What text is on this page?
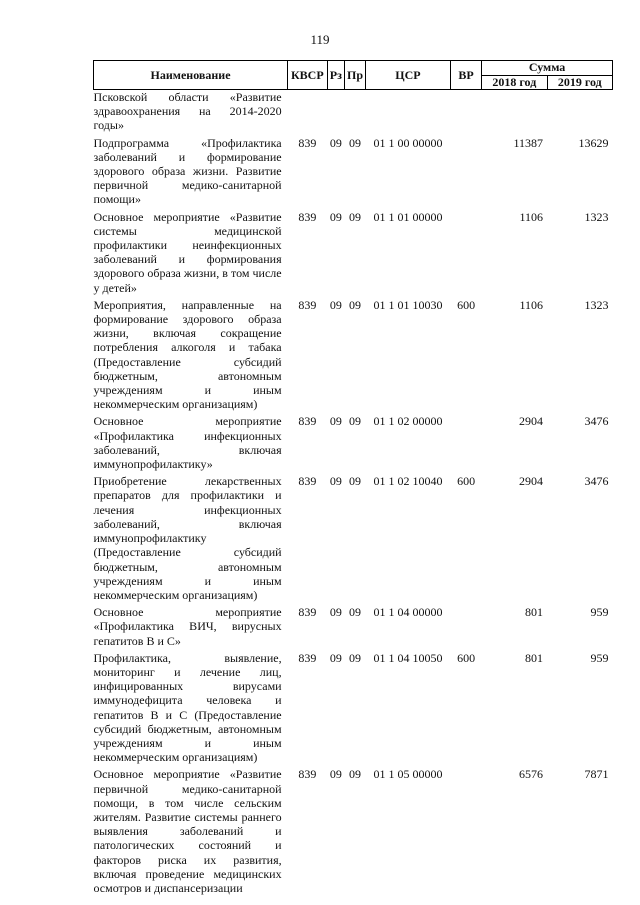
119
Наименование	КВСР	Рз	Пр	ЦСР	ВР	Сумма	
						2018 год	2019 год
Псковской области «Развитие здравоохранения на 2014-2020 годы»							
Подпрограмма «Профилактика заболеваний и формирование здорового образа жизни. Развитие первичной медико-санитарной помощи»	839	09	09	01 1 00 00000		11387	13629
Основное мероприятие «Развитие системы медицинской профилактики неинфекционных заболеваний и формирования здорового образа жизни, в том числе у детей»	839	09	09	01 1 01 00000		1106	1323
Мероприятия, направленные на формирование здорового образа жизни, включая сокращение потребления алкоголя и табака (Предоставление субсидий бюджетным, автономным учреждениям и иным некоммерческим организациям)	839	09	09	01 1 01 10030	600	1106	1323
Основное мероприятие «Профилактика инфекционных заболеваний, включая иммунопрофилактику»	839	09	09	01 1 02 00000		2904	3476
Приобретение лекарственных препаратов для профилактики и лечения инфекционных заболеваний, включая иммунопрофилактику (Предоставление субсидий бюджетным, автономным учреждениям и иным некоммерческим организациям)	839	09	09	01 1 02 10040	600	2904	3476
Основное мероприятие «Профилактика ВИЧ, вирусных гепатитов В и С»	839	09	09	01 1 04 00000		801	959
Профилактика, выявление, мониторинг и лечение лиц, инфицированных вирусами иммунодефицита человека и гепатитов В и С (Предоставление субсидий бюджетным, автономным учреждениям и иным некоммерческим организациям)	839	09	09	01 1 04 10050	600	801	959
Основное мероприятие «Развитие первичной медико-санитарной помощи, в том числе сельским жителям. Развитие системы раннего выявления заболеваний и патологических состояний и факторов риска их развития, включая проведение медицинских осмотров и диспансеризации	839	09	09	01 1 05 00000		6576	7871
